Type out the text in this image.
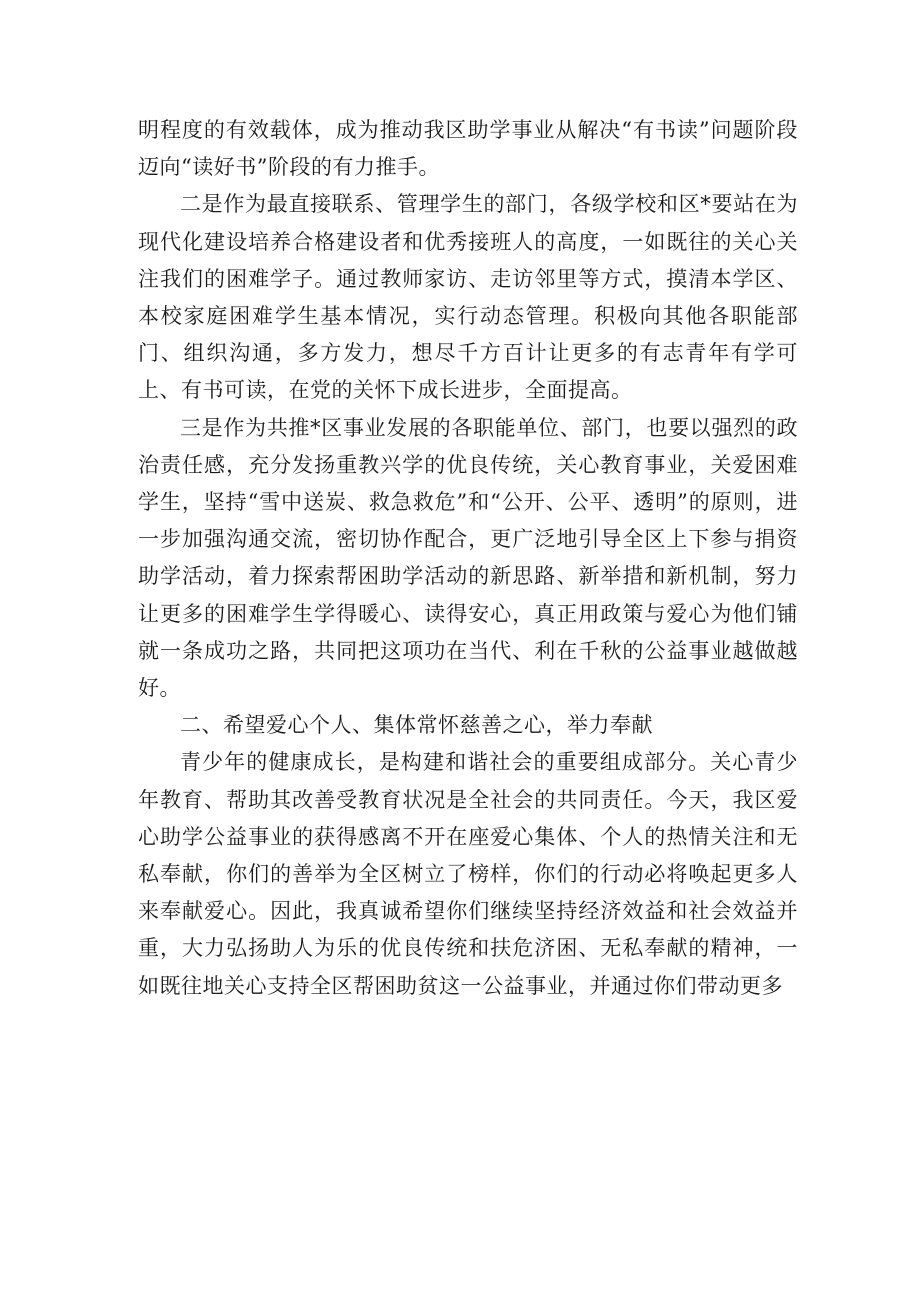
明程度的有效载体，成为推动我区助学事业从解决“有书读”问题阶段迈向“读好书”阶段的有力推手。

二是作为最直接联系、管理学生的部门，各级学校和区*要站在为现代化建设培养合格建设者和优秀接班人的高度，一如既往的关心关注我们的困难学子。通过教师家访、走访邻里等方式，摸清本学区、本校家庭困难学生基本情况，实行动态管理。积极向其他各职能部门、组织沟通，多方发力，想尽千方百计让更多的有志青年有学可上、有书可读，在党的关怀下成长进步，全面提高。

三是作为共推*区事业发展的各职能单位、部门，也要以强烈的政治责任感，充分发扬重教兴学的优良传统，关心教育事业，关爱困难学生，坚持“雪中送炭、救急救危”和“公开、公平、透明”的原则，进一步加强沟通交流，密切协作配合，更广泛地引导全区上下参与捐资助学活动，着力探索帮困助学活动的新思路、新举措和新机制，努力让更多的困难学生学得暖心、读得安心，真正用政策与爱心为他们铺就一条成功之路，共同把这项功在当代、利在千秋的公益事业越做越好。

二、希望爱心个人、集体常怀慈善之心，举力奉献

青少年的健康成长，是构建和谐社会的重要组成部分。关心青少年教育、帮助其改善受教育状况是全社会的共同责任。今天，我区爱心助学公益事业的获得感离不开在座爱心集体、个人的热情关注和无私奉献，你们的善举为全区树立了榜样，你们的行动必将唤起更多人来奉献爱心。因此，我真诚希望你们继续坚持经济效益和社会效益并重，大力弘扬助人为乐的优良传统和扶危济困、无私奉献的精神，一如既往地关心支持全区帮困助贫这一公益事业，并通过你们带动更多
